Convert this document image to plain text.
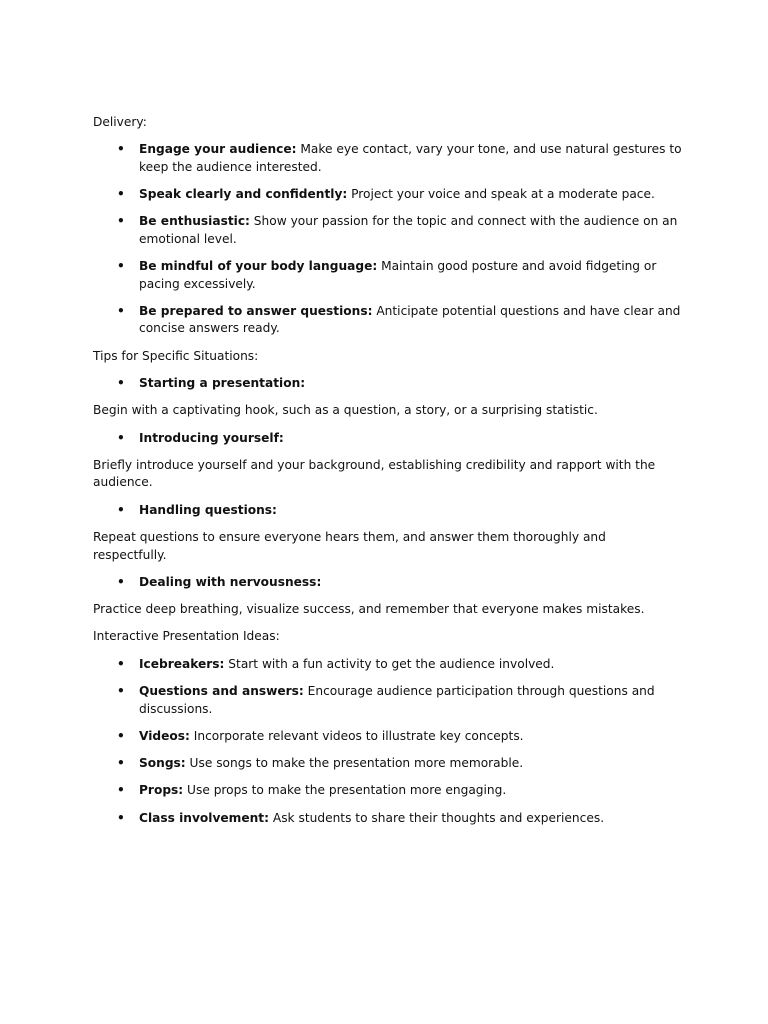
Delivery:

• Engage your audience: Make eye contact, vary your tone, and use natural gestures to keep the audience interested.
• Speak clearly and confidently: Project your voice and speak at a moderate pace.
• Be enthusiastic: Show your passion for the topic and connect with the audience on an emotional level.
• Be mindful of your body language: Maintain good posture and avoid fidgeting or pacing excessively.
• Be prepared to answer questions: Anticipate potential questions and have clear and concise answers ready.

Tips for Specific Situations:

• Starting a presentation:

Begin with a captivating hook, such as a question, a story, or a surprising statistic.

• Introducing yourself:

Briefly introduce yourself and your background, establishing credibility and rapport with the audience.

• Handling questions:

Repeat questions to ensure everyone hears them, and answer them thoroughly and respectfully.

• Dealing with nervousness:

Practice deep breathing, visualize success, and remember that everyone makes mistakes.

Interactive Presentation Ideas:

• Icebreakers: Start with a fun activity to get the audience involved.
• Questions and answers: Encourage audience participation through questions and discussions.
• Videos: Incorporate relevant videos to illustrate key concepts.
• Songs: Use songs to make the presentation more memorable.
• Props: Use props to make the presentation more engaging.
• Class involvement: Ask students to share their thoughts and experiences.
